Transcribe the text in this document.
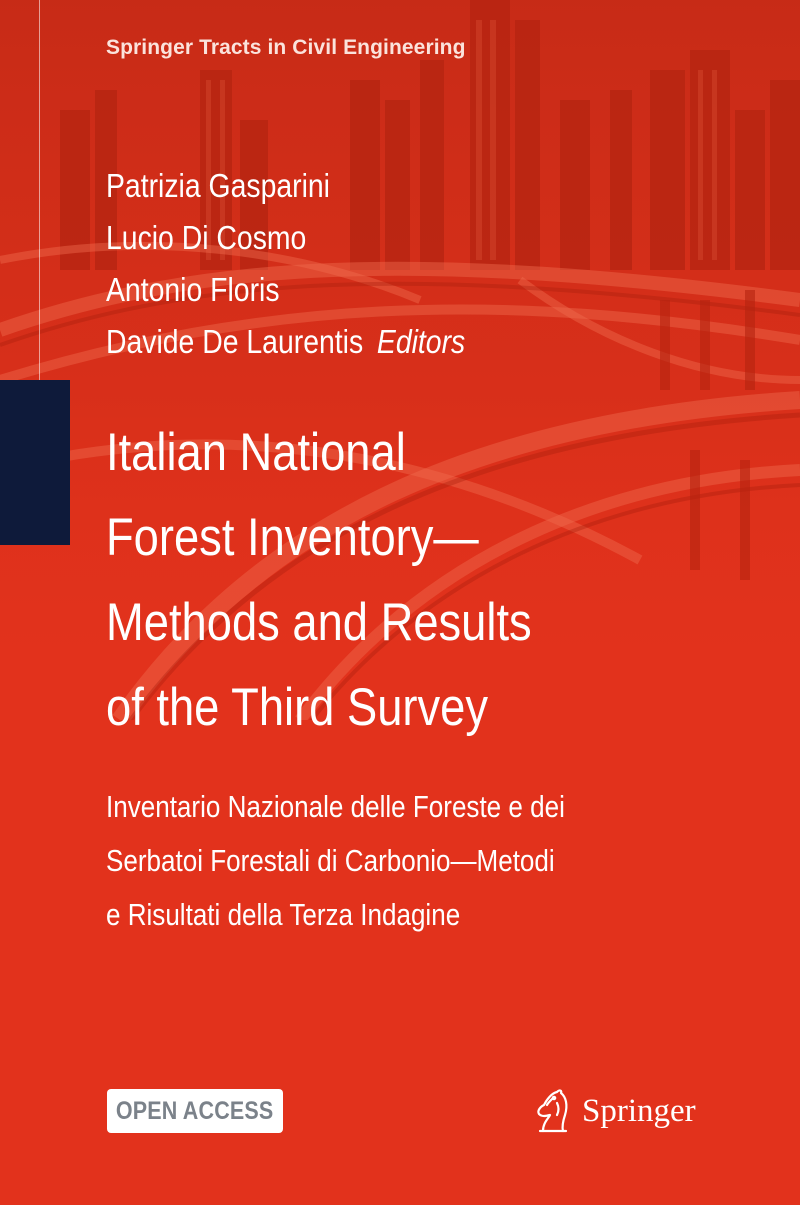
Springer Tracts in Civil Engineering
Patrizia Gasparini
Lucio Di Cosmo
Antonio Floris
Davide De Laurentis Editors
Italian National
Forest Inventory—
Methods and Results
of the Third Survey
Inventario Nazionale delle Foreste e dei
Serbatoi Forestali di Carbonio—Metodi
e Risultati della Terza Indagine
OPEN ACCESS	Springer
